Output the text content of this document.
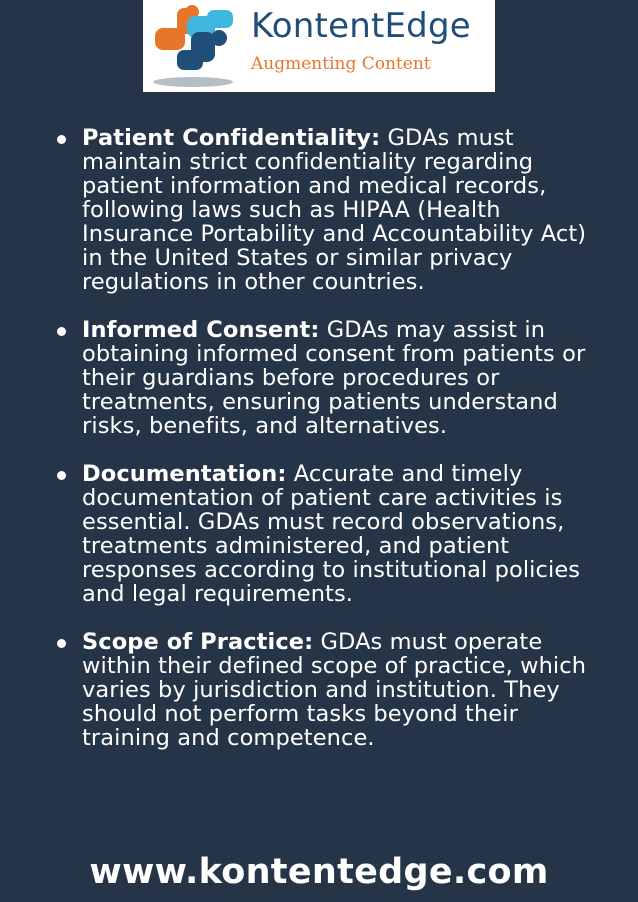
KontentEdge
Augmenting Content
Patient Confidentiality: GDAs must maintain strict confidentiality regarding patient information and medical records, following laws such as HIPAA (Health Insurance Portability and Accountability Act) in the United States or similar privacy regulations in other countries.
Informed Consent: GDAs may assist in obtaining informed consent from patients or their guardians before procedures or treatments, ensuring patients understand risks, benefits, and alternatives.
Documentation: Accurate and timely documentation of patient care activities is essential. GDAs must record observations, treatments administered, and patient responses according to institutional policies and legal requirements.
Scope of Practice: GDAs must operate within their defined scope of practice, which varies by jurisdiction and institution. They should not perform tasks beyond their training and competence.
www.kontentedge.com
